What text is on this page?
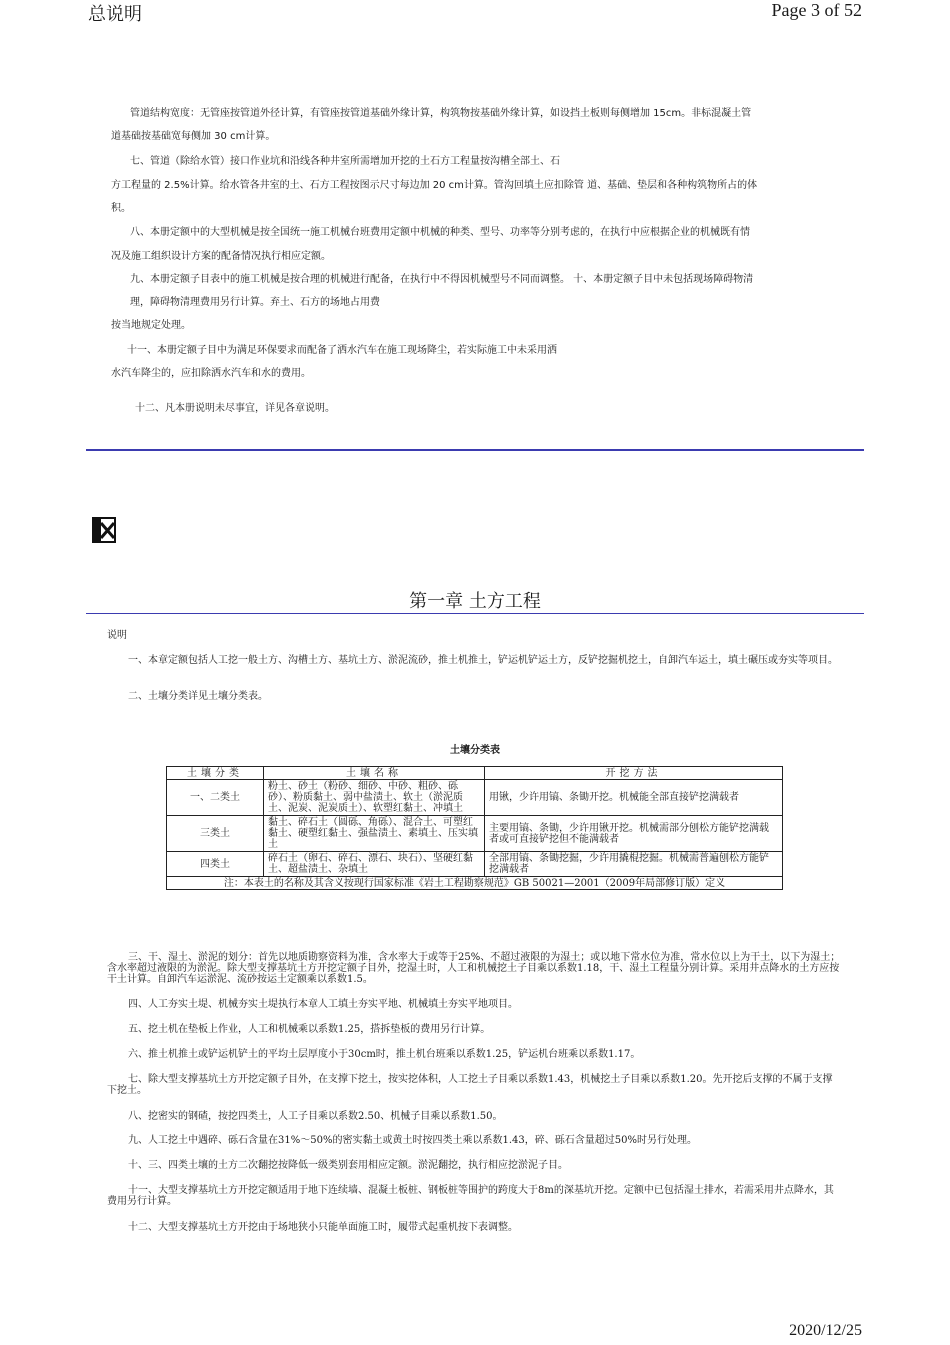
总说明	Page 3 of 52
管道结构宽度：无管座按管道外径计算，有管座按管道基础外缘计算，构筑物按基础外缘计算，如设挡土板则每侧增加 15cm。非标混凝土管
道基础按基础宽每侧加 30 cm计算。
七、管道（除给水管）接口作业坑和沿线各种井室所需增加开挖的土石方工程量按沟槽全部土、石
方工程量的 2.5%计算。给水管各井室的土、石方工程按图示尺寸每边加 20 cm计算。管沟回填土应扣除管 道、基础、垫层和各种构筑物所占的体
积。
八、本册定额中的大型机械是按全国统一施工机械台班费用定额中机械的种类、型号、功率等分别考虑的，在执行中应根据企业的机械既有情
况及施工组织设计方案的配备情况执行相应定额。
九、本册定额子目表中的施工机械是按合理的机械进行配备，在执行中不得因机械型号不同而调整。 十、本册定额子目中未包括现场障碍物清
理，障碍物清理费用另行计算。弃土、石方的场地占用费
按当地规定处理。
十一、本册定额子目中为满足环保要求而配备了洒水汽车在施工现场降尘，若实际施工中未采用洒
水汽车降尘的，应扣除洒水汽车和水的费用。
十二、凡本册说明未尽事宜，详见各章说明。
第一章 土方工程
说明
一、本章定额包括人工挖一般土方、沟槽土方、基坑土方、淤泥流砂，推土机推土，铲运机铲运土方，反铲挖掘机挖土，自卸汽车运土，填土碾压或夯实等项目。
二、土壤分类详见土壤分类表。
土壤分类表
土壤分类	土壤名称	开挖方法
一、二类土	粉土、砂土（粉砂、细砂、中砂、粗砂、砾砂）、粉质黏土、弱中盐渍土、软土（淤泥质土、泥炭、泥炭质土）、软塑红黏土、冲填土	用锹，少许用镐、条锄开挖。机械能全部直接铲挖满载者
三类土	黏土、碎石土（圆砾、角砾）、混合土、可塑红黏土、硬塑红黏土、强盐渍土、素填土、压实填土	主要用镐、条锄，少许用锹开挖。机械需部分刨松方能铲挖满载者或可直接铲挖但不能满载者
四类土	碎石土（卵石、碎石、漂石、块石）、坚硬红黏土、超盐渍土、杂填土	全部用镐、条锄挖掘，少许用撬棍挖掘。机械需普遍刨松方能铲挖满载者
注：本表土的名称及其含义按现行国家标准《岩土工程勘察规范》GB 50021—2001（2009年局部修订版）定义		
三、干、湿土、淤泥的划分：首先以地质勘察资料为准，含水率大于或等于25%、不超过液限的为湿土；或以地下常水位为准，常水位以上为干土，以下为湿土；含水率超过液限的为淤泥。除大型支撑基坑土方开挖定额子目外，挖湿土时，人工和机械挖土子目乘以系数1.18，干、湿土工程量分别计算。采用井点降水的土方应按干土计算。自卸汽车运淤泥、流砂按运土定额乘以系数1.5。
四、人工夯实土堤、机械夯实土堤执行本章人工填土夯实平地、机械填土夯实平地项目。
五、挖土机在垫板上作业，人工和机械乘以系数1.25，搭拆垫板的费用另行计算。
六、推土机推土或铲运机铲土的平均土层厚度小于30cm时，推土机台班乘以系数1.25，铲运机台班乘以系数1.17。
七、除大型支撑基坑土方开挖定额子目外，在支撑下挖土，按实挖体积，人工挖土子目乘以系数1.43，机械挖土子目乘以系数1.20。先开挖后支撑的不属于支撑下挖土。
八、挖密实的钢碴，按挖四类土，人工子目乘以系数2.50、机械子目乘以系数1.50。
九、人工挖土中遇碎、砾石含量在31%～50%的密实黏土或黄土时按四类土乘以系数1.43，碎、砾石含量超过50%时另行处理。
十、三、四类土壤的土方二次翻挖按降低一级类别套用相应定额。淤泥翻挖，执行相应挖淤泥子目。
十一、大型支撑基坑土方开挖定额适用于地下连续墙、混凝土板桩、钢板桩等围护的跨度大于8m的深基坑开挖。定额中已包括湿土排水，若需采用井点降水，其费用另行计算。
十二、大型支撑基坑土方开挖由于场地狭小只能单面施工时，履带式起重机按下表调整。
2020/12/25
